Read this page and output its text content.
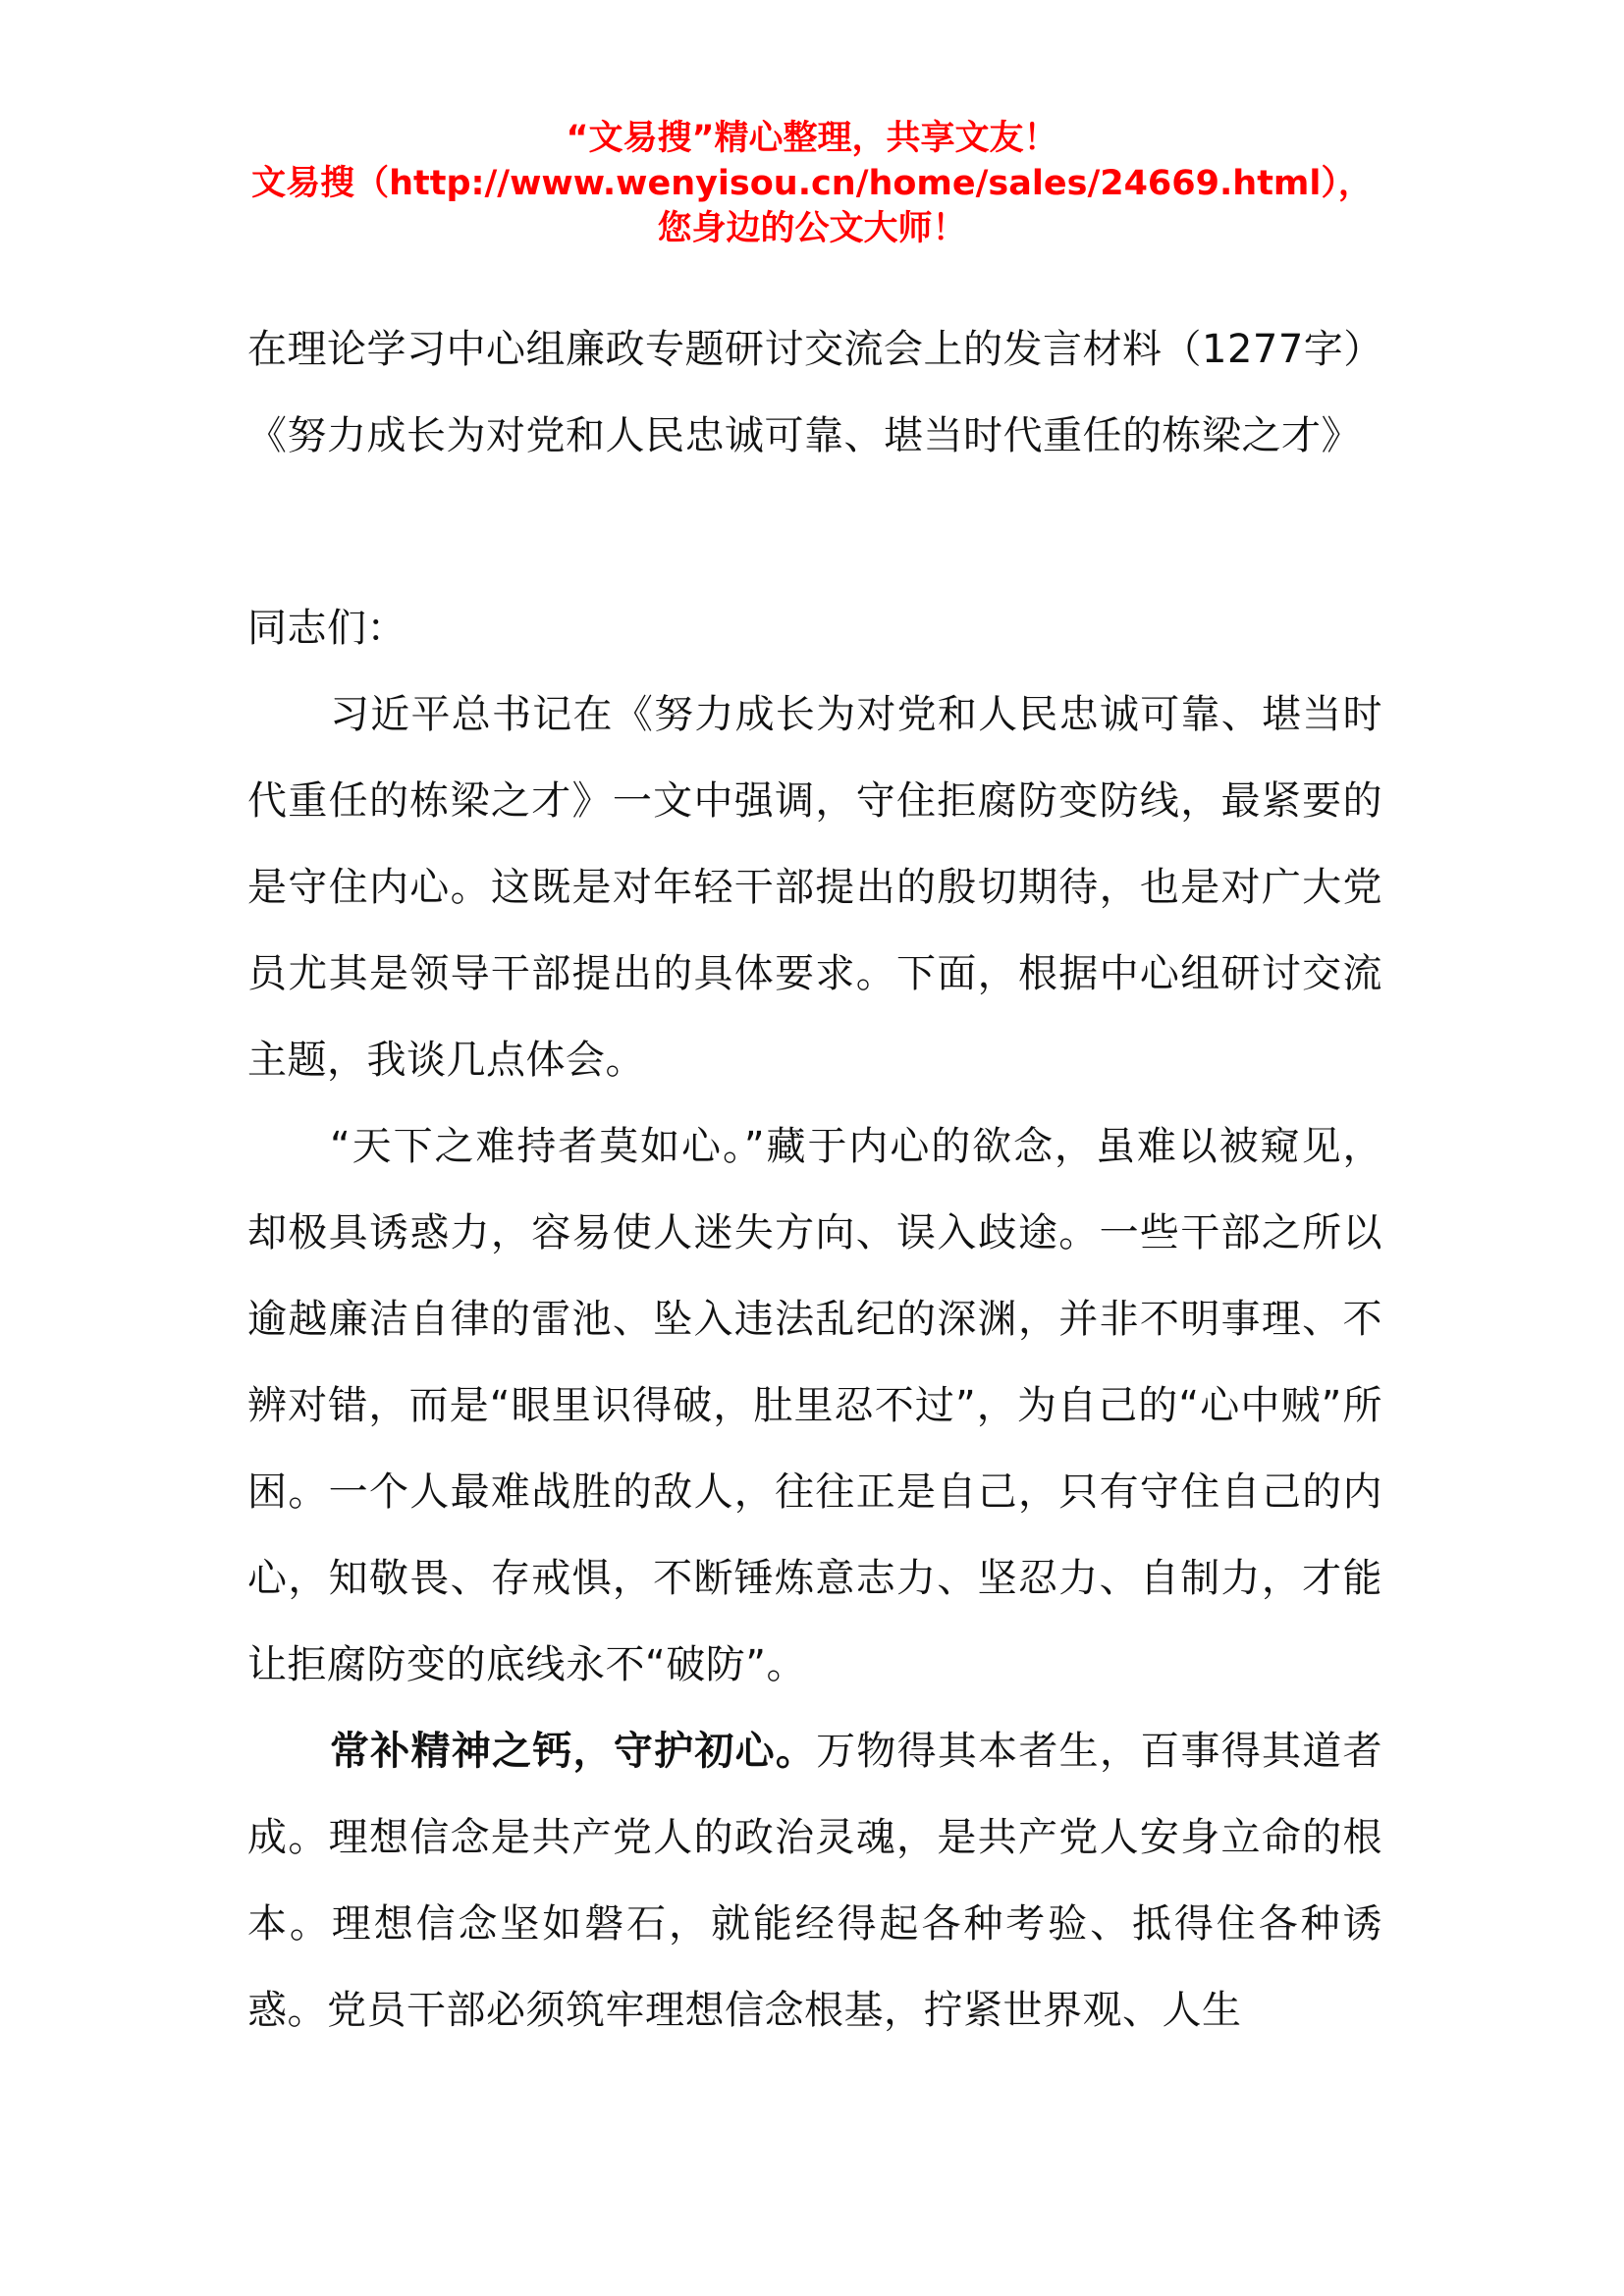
“文易搜”精心整理，共享文友！
文易搜（http://www.wenyisou.cn/home/sales/24669.html），
您身边的公文大师！

在理论学习中心组廉政专题研讨交流会上的发言材料（1277字）《努力成长为对党和人民忠诚可靠、堪当时代重任的栋梁之才》

同志们：

习近平总书记在《努力成长为对党和人民忠诚可靠、堪当时代重任的栋梁之才》一文中强调，守住拒腐防变防线，最紧要的是守住内心。这既是对年轻干部提出的殷切期待，也是对广大党员尤其是领导干部提出的具体要求。下面，根据中心组研讨交流主题，我谈几点体会。

“天下之难持者莫如心。”藏于内心的欲念，虽难以被窥见，却极具诱惑力，容易使人迷失方向、误入歧途。一些干部之所以逾越廉洁自律的雷池、坠入违法乱纪的深渊，并非不明事理、不辨对错，而是“眼里识得破，肚里忍不过”，为自己的“心中贼”所困。一个人最难战胜的敌人，往往正是自己，只有守住自己的内心，知敬畏、存戒惧，不断锤炼意志力、坚忍力、自制力，才能让拒腐防变的底线永不“破防”。

常补精神之钙，守护初心。万物得其本者生，百事得其道者成。理想信念是共产党人的政治灵魂，是共产党人安身立命的根本。理想信念坚如磐石，就能经得起各种考验、抵得住各种诱惑。党员干部必须筑牢理想信念根基，拧紧世界观、人生
